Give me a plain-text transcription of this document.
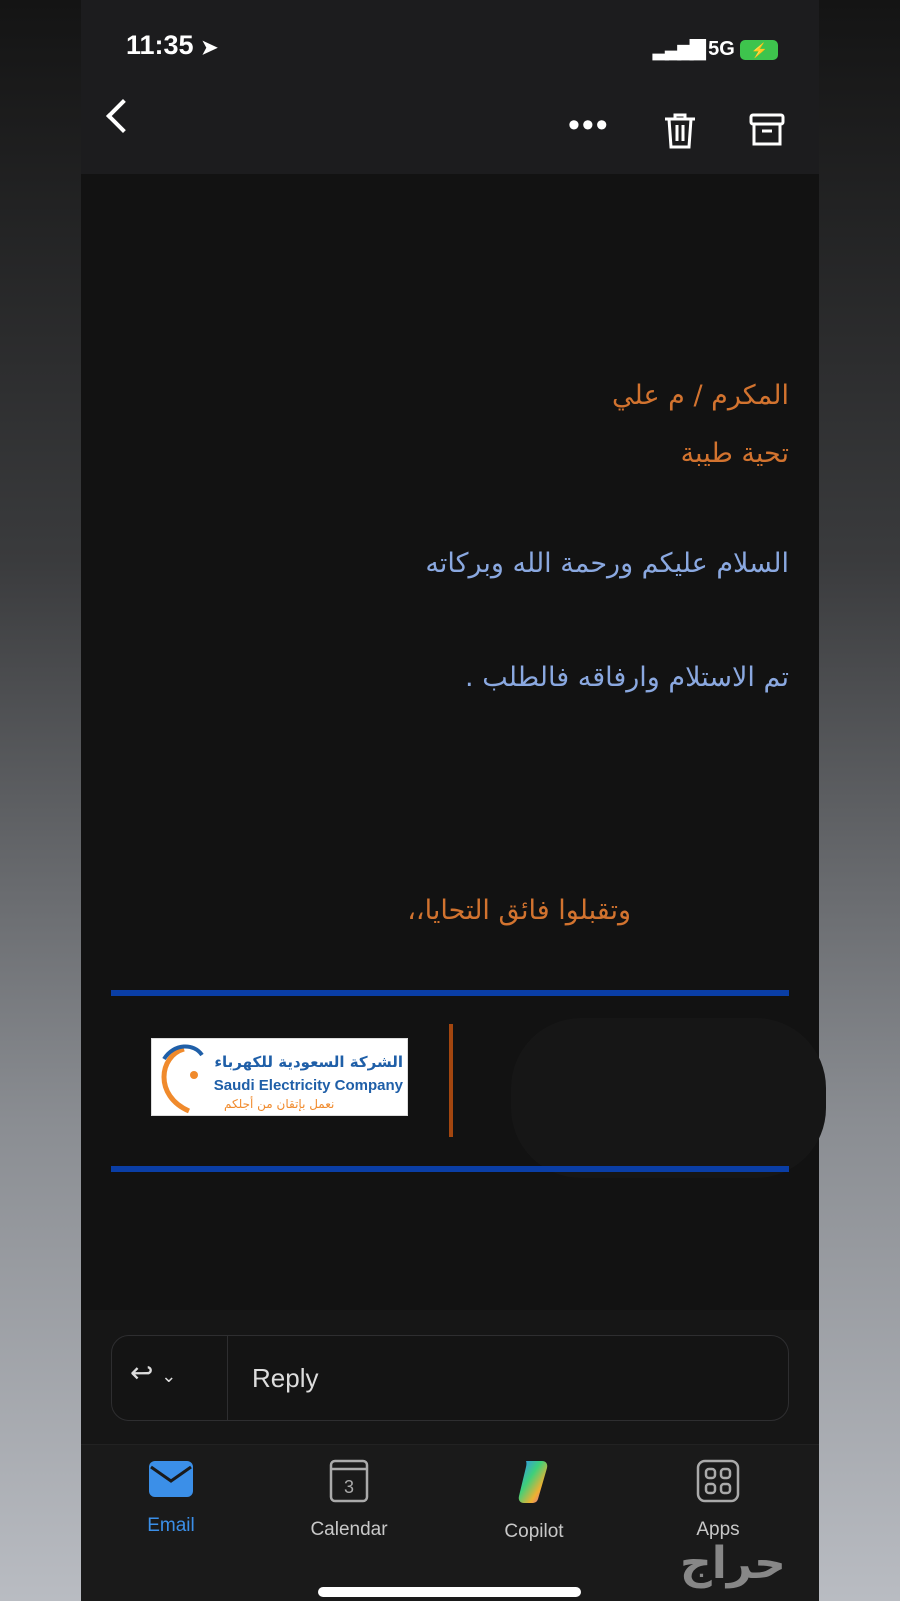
11:35 ➤	▂▃▅▇ 5G ⚡
•••
المكرم / م علي
تحية طيبة
السلام عليكم ورحمة الله وبركاته
تم الاستلام وارفاقه فالطلب .
وتقبلوا فائق التحايا،،
الشركة السعودية للكهرباء
Saudi Electricity Company
نعمل بإتقان من أجلكم
↩ ⌄	Reply
Email
3
Calendar	Copilot	Apps
حراج
